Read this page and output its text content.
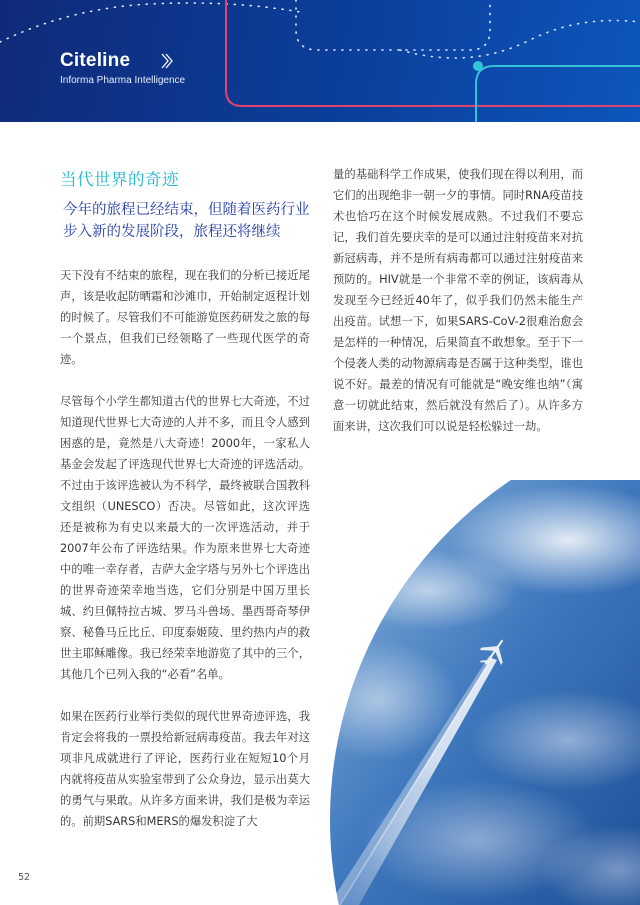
Citeline
Informa Pharma Intelligence
当代世界的奇迹

今年的旅程已经结束，但随着医药行业步入新的发展阶段，旅程还将继续

天下没有不结束的旅程，现在我们的分析已接近尾声，该是收起防晒霜和沙滩巾，开始制定返程计划的时候了。尽管我们不可能游览医药研发之旅的每一个景点，但我们已经领略了一些现代医学的奇迹。

尽管每个小学生都知道古代的世界七大奇迹，不过知道现代世界七大奇迹的人并不多，而且令人感到困惑的是，竟然是八大奇迹！2000年，一家私人基金会发起了评选现代世界七大奇迹的评选活动。不过由于该评选被认为不科学，最终被联合国教科文组织（UNESCO）否决。尽管如此，这次评选还是被称为有史以来最大的一次评选活动，并于2007年公布了评选结果。作为原来世界七大奇迹中的唯一幸存者，吉萨大金字塔与另外七个评选出的世界奇迹荣幸地当选，它们分别是中国万里长城、约旦佩特拉古城、罗马斗兽场、墨西哥奇琴伊察、秘鲁马丘比丘、印度泰姬陵、里约热内卢的救世主耶稣雕像。我已经荣幸地游览了其中的三个，其他几个已列入我的“必看”名单。

如果在医药行业举行类似的现代世界奇迹评选，我肯定会将我的一票投给新冠病毒疫苗。我去年对这项非凡成就进行了评论，医药行业在短短10个月内就将疫苗从实验室带到了公众身边，显示出莫大的勇气与果敢。从许多方面来讲，我们是极为幸运的。前期SARS和MERS的爆发积淀了大

量的基础科学工作成果，使我们现在得以利用，而它们的出现绝非一朝一夕的事情。同时RNA疫苗技术也恰巧在这个时候发展成熟。不过我们不要忘记，我们首先要庆幸的是可以通过注射疫苗来对抗新冠病毒，并不是所有病毒都可以通过注射疫苗来预防的。HIV就是一个非常不幸的例证，该病毒从发现至今已经近40年了，似乎我们仍然未能生产出疫苗。试想一下，如果SARS-CoV-2很难治愈会是怎样的一种情况，后果简直不敢想象。至于下一个侵袭人类的动物源病毒是否属于这种类型，谁也说不好。最差的情况有可能就是“晚安维也纳”（寓意一切就此结束，然后就没有然后了）。从许多方面来讲，这次我们可以说是轻松躲过一劫。

52
